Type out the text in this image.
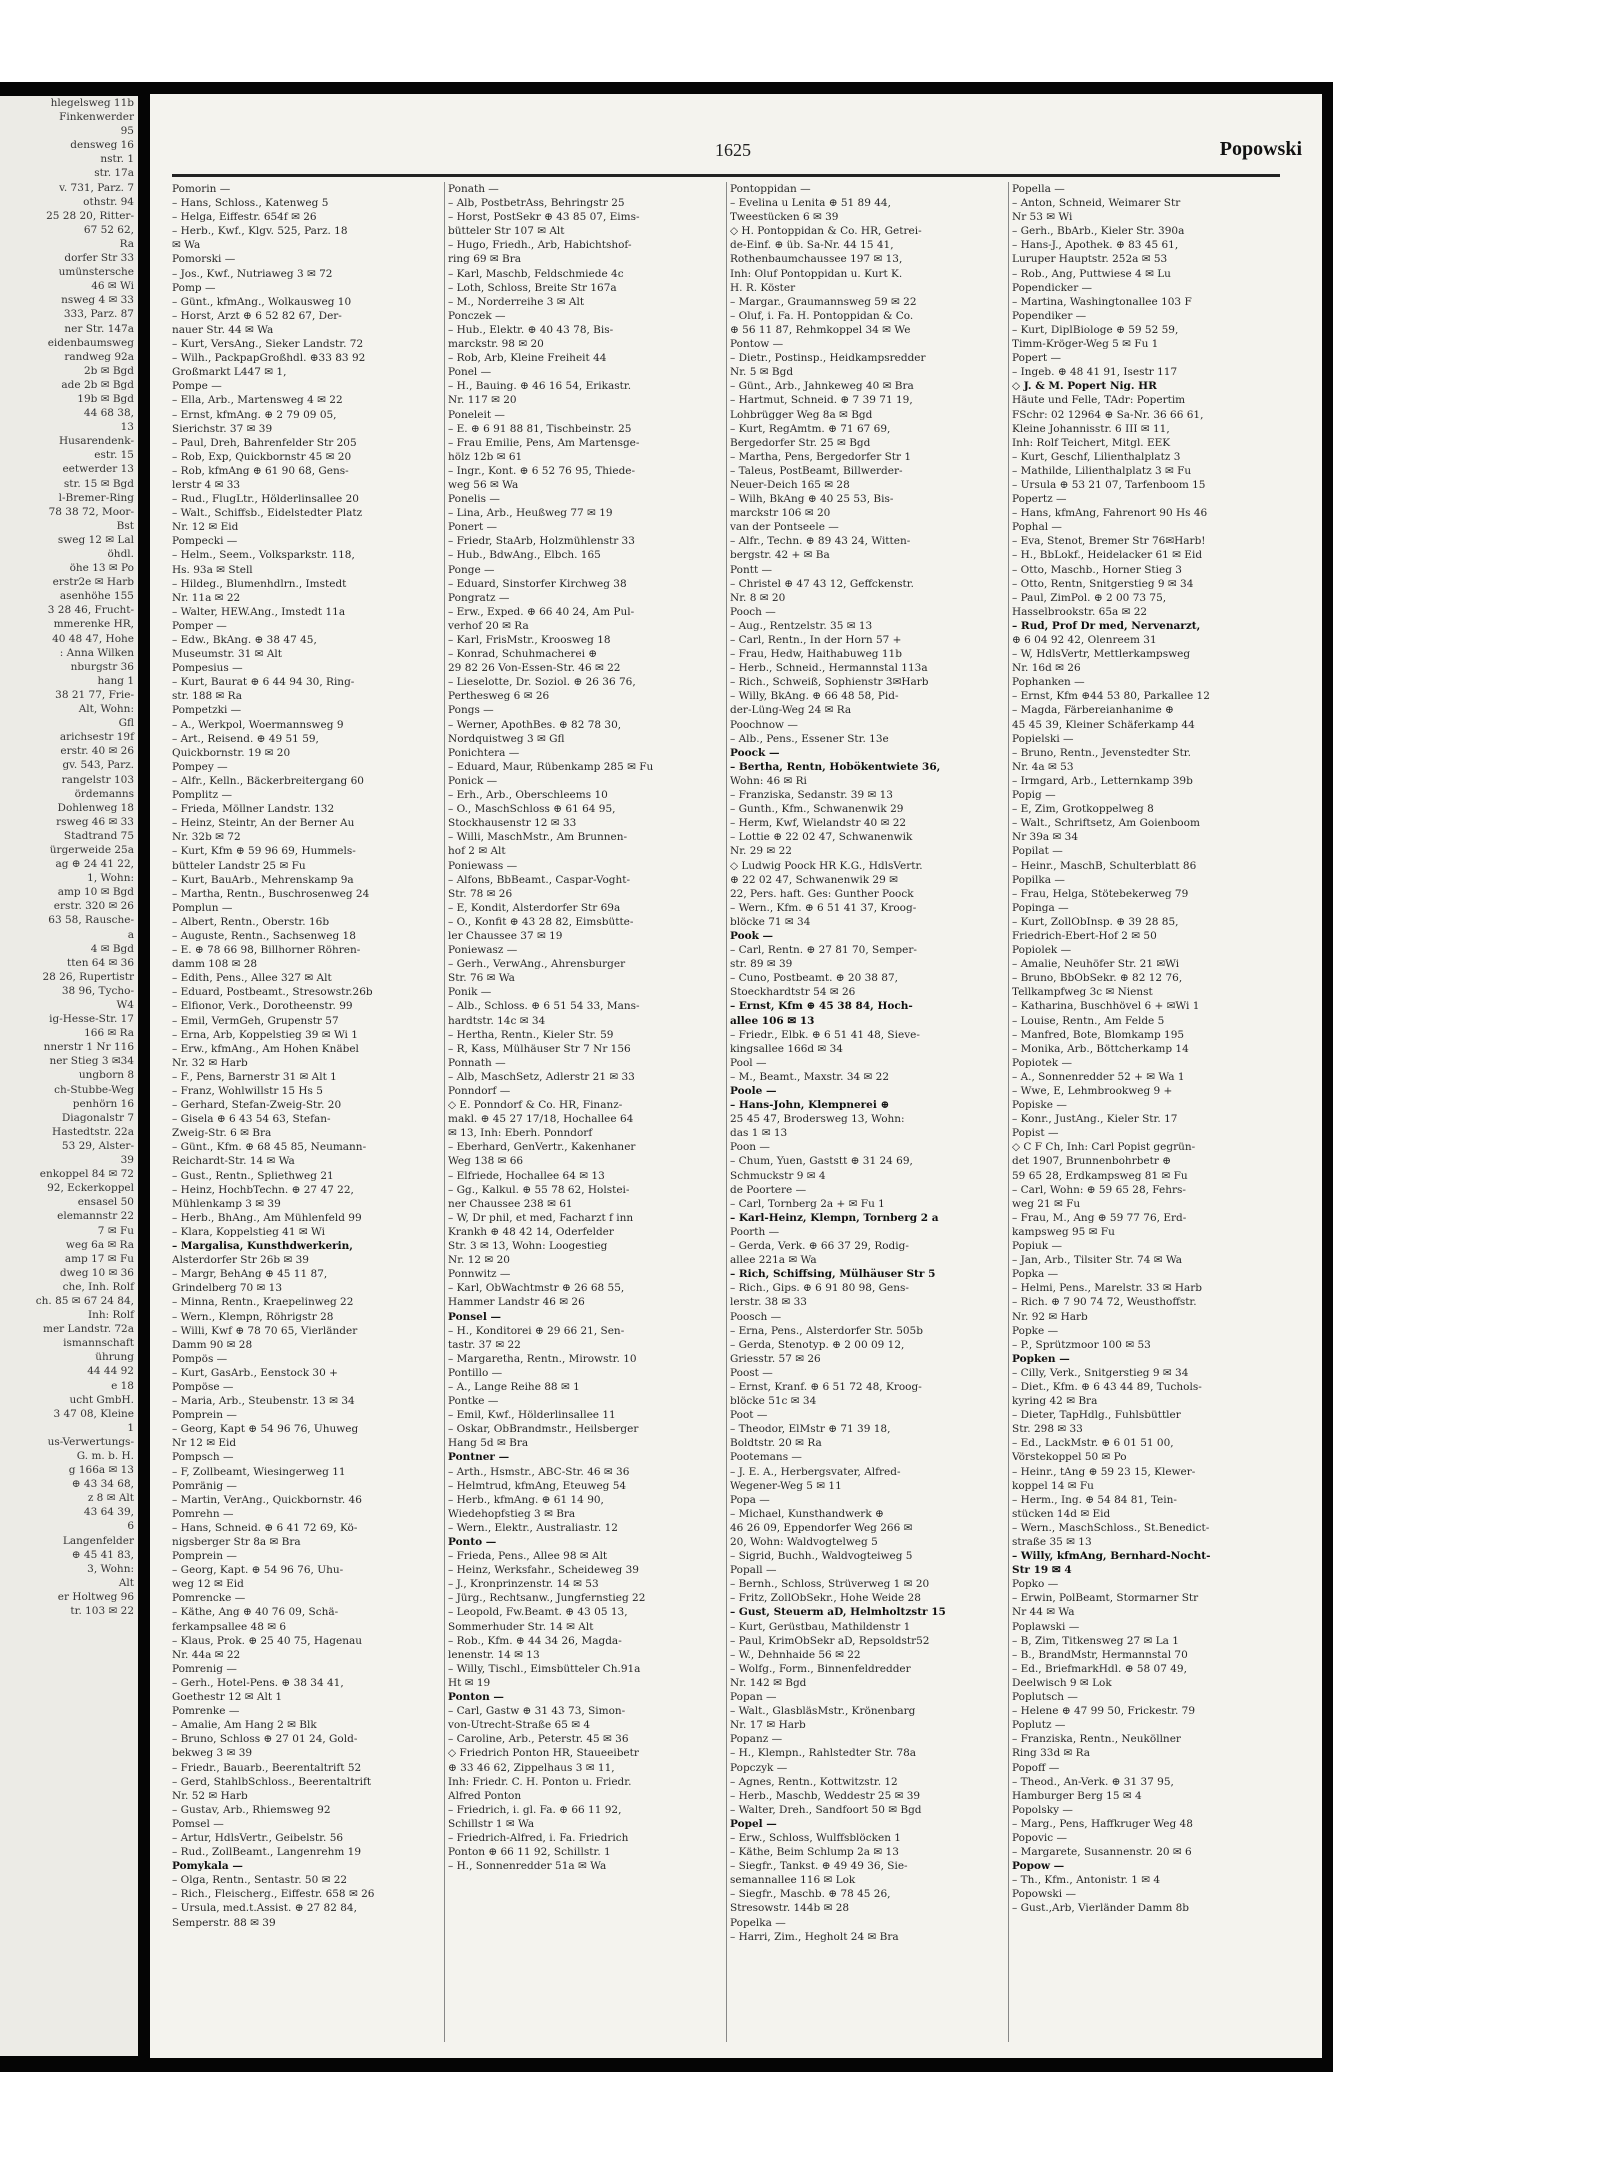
hlegelsweg 11b
Finkenwerder
95
densweg 16
nstr. 1
str. 17a
v. 731, Parz. 7
othstr. 94
25 28 20, Ritter-
67 52 62,
Ra
dorfer Str 33
umünstersche
46 ✉ Wi
nsweg 4 ✉ 33
333, Parz. 87
ner Str. 147a
eidenbaumsweg
randweg 92a
2b ✉ Bgd
ade 2b ✉ Bgd
19b ✉ Bgd
44 68 38,
13
Husarendenk-
estr. 15
eetwerder 13
str. 15 ✉ Bgd
l-Bremer-Ring
78 38 72, Moor-
Bst
sweg 12 ✉ Lal
öhdl.
öhe 13 ✉ Po
erstr2e ✉ Harb
asenhöhe 155
3 28 46, Frucht-
mmerenke HR,
40 48 47, Hohe
: Anna Wilken
nburgstr 36
hang 1
38 21 77, Frie-
Alt, Wohn:
Gfl
arichsestr 19f
erstr. 40 ✉ 26
gv. 543, Parz.
rangelstr 103
ördemanns
Dohlenweg 18
rsweg 46 ✉ 33
Stadtrand 75
ürgerweide 25a
ag ⊕ 24 41 22,
1, Wohn:
amp 10 ✉ Bgd
erstr. 320 ✉ 26
63 58, Rausche-
a
4 ✉ Bgd
tten 64 ✉ 36
28 26, Rupertistr
38 96, Tycho-
W4
ig-Hesse-Str. 17
166 ✉ Ra
nnerstr 1 Nr 116
ner Stieg 3 ✉34
ungborn 8
ch-Stubbe-Weg
penhörn 16
Diagonalstr 7
Hastedtstr. 22a
53 29, Alster-
39
enkoppel 84 ✉ 72
92, Eckerkoppel
ensasel 50
elemannstr 22
7 ✉ Fu
weg 6a ✉ Ra
amp 17 ✉ Fu
dweg 10 ✉ 36
che, Inh. Rolf
ch. 85 ✉ 67 24 84,
Inh: Rolf
mer Landstr. 72a
ismannschaft
ührung
44 44 92
e 18
ucht GmbH.
3 47 08, Kleine
1
us-Verwertungs-
G. m. b. H.
g 166a ✉ 13
⊕ 43 34 68,
z 8 ✉ Alt
43 64 39,
6
Langenfelder
⊕ 45 41 83,
3, Wohn:
Alt
er Holtweg 96
tr. 103 ✉ 22
1625	Popowski
Pomorin —
– Hans, Schloss., Katenweg 5
– Helga, Eiffestr. 654f ✉ 26
– Herb., Kwf., Klgv. 525, Parz. 18
✉ Wa
Pomorski —
– Jos., Kwf., Nutriaweg 3 ✉ 72
Pomp —
– Günt., kfmAng., Wolkausweg 10
– Horst, Arzt ⊕ 6 52 82 67, Der-
nauer Str. 44 ✉ Wa
– Kurt, VersAng., Sieker Landstr. 72
– Wilh., PackpapGroßhdl. ⊕33 83 92
Großmarkt L447 ✉ 1,
Pompe —
– Ella, Arb., Martensweg 4 ✉ 22
– Ernst, kfmAng. ⊕ 2 79 09 05,
Sierichstr. 37 ✉ 39
– Paul, Dreh, Bahrenfelder Str 205
– Rob, Exp, Quickbornstr 45 ✉ 20
– Rob, kfmAng ⊕ 61 90 68, Gens-
lerstr 4 ✉ 33
– Rud., FlugLtr., Hölderlinsallee 20
– Walt., Schiffsb., Eidelstedter Platz
Nr. 12 ✉ Eid
Pompecki —
– Helm., Seem., Volksparkstr. 118,
Hs. 93a ✉ Stell
– Hildeg., Blumenhdlrn., Imstedt
Nr. 11a ✉ 22
– Walter, HEW.Ang., Imstedt 11a
Pomper —
– Edw., BkAng. ⊕ 38 47 45,
Museumstr. 31 ✉ Alt
Pompesius —
– Kurt, Baurat ⊕ 6 44 94 30, Ring-
str. 188 ✉ Ra
Pompetzki —
– A., Werkpol, Woermannsweg 9
– Art., Reisend. ⊕ 49 51 59,
Quickbornstr. 19 ✉ 20
Pompey —
– Alfr., Kelln., Bäckerbreitergang 60
Pomplitz —
– Frieda, Möllner Landstr. 132
– Heinz, Steintr, An der Berner Au
Nr. 32b ✉ 72
– Kurt, Kfm ⊕ 59 96 69, Hummels-
bütteler Landstr 25 ✉ Fu
– Kurt, BauArb., Mehrenskamp 9a
– Martha, Rentn., Buschrosenweg 24
Pomplun —
– Albert, Rentn., Oberstr. 16b
– Auguste, Rentn., Sachsenweg 18
– E. ⊕ 78 66 98, Billhorner Röhren-
damm 108 ✉ 28
– Edith, Pens., Allee 327 ✉ Alt
– Eduard, Postbeamt., Stresowstr.26b
– Elfionor, Verk., Dorotheenstr. 99
– Emil, VermGeh, Grupenstr 57
– Erna, Arb, Koppelstieg 39 ✉ Wi 1
– Erw., kfmAng., Am Hohen Knäbel
Nr. 32 ✉ Harb
– F., Pens, Barnerstr 31 ✉ Alt 1
– Franz, Wohlwillstr 15 Hs 5
– Gerhard, Stefan-Zweig-Str. 20
– Gisela ⊕ 6 43 54 63, Stefan-
Zweig-Str. 6 ✉ Bra
– Günt., Kfm. ⊕ 68 45 85, Neumann-
Reichardt-Str. 14 ✉ Wa
– Gust., Rentn., Spliethweg 21
– Heinz, HochbTechn. ⊕ 27 47 22,
Mühlenkamp 3 ✉ 39
– Herb., BhAng., Am Mühlenfeld 99
– Klara, Koppelstieg 41 ✉ Wi
– Margalisa, Kunsthdwerkerin,
Alsterdorfer Str 26b ✉ 39
– Margr, BehAng ⊕ 45 11 87,
Grindelberg 70 ✉ 13
– Minna, Rentn., Kraepelinweg 22
– Wern., Klempn, Röhrigstr 28
– Willi, Kwf ⊕ 78 70 65, Vierländer
Damm 90 ✉ 28
Pompös —
– Kurt, GasArb., Eenstock 30 +
Pompöse —
– Maria, Arb., Steubenstr. 13 ✉ 34
Pomprein —
– Georg, Kapt ⊕ 54 96 76, Uhuweg
Nr 12 ✉ Eid
Pompsch —
– F, Zollbeamt, Wiesingerweg 11
Pomränig —
– Martin, VerAng., Quickbornstr. 46
Pomrehn —
– Hans, Schneid. ⊕ 6 41 72 69, Kö-
nigsberger Str 8a ✉ Bra
Pomprein —
– Georg, Kapt. ⊕ 54 96 76, Uhu-
weg 12 ✉ Eid
Pomrencke —
– Käthe, Ang ⊕ 40 76 09, Schä-
ferkampsallee 48 ✉ 6
– Klaus, Prok. ⊕ 25 40 75, Hagenau
Nr. 44a ✉ 22
Pomrenig —
– Gerh., Hotel-Pens. ⊕ 38 34 41,
Goethestr 12 ✉ Alt 1
Pomrenke —
– Amalie, Am Hang 2 ✉ Blk
– Bruno, Schloss ⊕ 27 01 24, Gold-
bekweg 3 ✉ 39
– Friedr., Bauarb., Beerentaltrift 52
– Gerd, StahlbSchloss., Beerentaltrift
Nr. 52 ✉ Harb
– Gustav, Arb., Rhiemsweg 92
Pomsel —
– Artur, HdlsVertr., Geibelstr. 56
– Rud., ZollBeamt., Langenrehm 19
Pomykala —
– Olga, Rentn., Sentastr. 50 ✉ 22
– Rich., Fleischerg., Eiffestr. 658 ✉ 26
– Ursula, med.t.Assist. ⊕ 27 82 84,
Semperstr. 88 ✉ 39
Ponath —
– Alb, PostbetrAss, Behringstr 25
– Horst, PostSekr ⊕ 43 85 07, Eims-
bütteler Str 107 ✉ Alt
– Hugo, Friedh., Arb, Habichtshof-
ring 69 ✉ Bra
– Karl, Maschb, Feldschmiede 4c
– Loth, Schloss, Breite Str 167a
– M., Norderreihe 3 ✉ Alt
Ponczek —
– Hub., Elektr. ⊕ 40 43 78, Bis-
marckstr. 98 ✉ 20
– Rob, Arb, Kleine Freiheit 44
Ponel —
– H., Bauing. ⊕ 46 16 54, Erikastr.
Nr. 117 ✉ 20
Poneleit —
– E. ⊕ 6 91 88 81, Tischbeinstr. 25
– Frau Emilie, Pens, Am Martensge-
hölz 12b ✉ 61
– Ingr., Kont. ⊕ 6 52 76 95, Thiede-
weg 56 ✉ Wa
Ponelis —
– Lina, Arb., Heußweg 77 ✉ 19
Ponert —
– Friedr, StaArb, Holzmühlenstr 33
– Hub., BdwAng., Elbch. 165
Ponge —
– Eduard, Sinstorfer Kirchweg 38
Pongratz —
– Erw., Exped. ⊕ 66 40 24, Am Pul-
verhof 20 ✉ Ra
– Karl, FrisMstr., Kroosweg 18
– Konrad, Schuhmacherei ⊕
29 82 26 Von-Essen-Str. 46 ✉ 22
– Lieselotte, Dr. Soziol. ⊕ 26 36 76,
Perthesweg 6 ✉ 26
Pongs —
– Werner, ApothBes. ⊕ 82 78 30,
Nordquistweg 3 ✉ Gfl
Ponichtera —
– Eduard, Maur, Rübenkamp 285 ✉ Fu
Ponick —
– Erh., Arb., Oberschleems 10
– O., MaschSchloss ⊕ 61 64 95,
Stockhausenstr 12 ✉ 33
– Willi, MaschMstr., Am Brunnen-
hof 2 ✉ Alt
Poniewass —
– Alfons, BbBeamt., Caspar-Voght-
Str. 78 ✉ 26
– E, Kondit, Alsterdorfer Str 69a
– O., Konfit ⊕ 43 28 82, Eimsbütte-
ler Chaussee 37 ✉ 19
Poniewasz —
– Gerh., VerwAng., Ahrensburger
Str. 76 ✉ Wa
Ponik —
– Alb., Schloss. ⊕ 6 51 54 33, Mans-
hardtstr. 14c ✉ 34
– Hertha, Rentn., Kieler Str. 59
– R, Kass, Mülhäuser Str 7 Nr 156
Ponnath —
– Alb, MaschSetz, Adlerstr 21 ✉ 33
Ponndorf —
◇ E. Ponndorf & Co. HR, Finanz-
makl. ⊕ 45 27 17/18, Hochallee 64
✉ 13, Inh: Eberh. Ponndorf
– Eberhard, GenVertr., Kakenhaner
Weg 138 ✉ 66
– Elfriede, Hochallee 64 ✉ 13
– Gg., Kalkul. ⊕ 55 78 62, Holstei-
ner Chaussee 238 ✉ 61
– W, Dr phil, et med, Facharzt f inn
Krankh ⊕ 48 42 14, Oderfelder
Str. 3 ✉ 13, Wohn: Loogestieg
Nr. 12 ✉ 20
Ponnwitz —
– Karl, ObWachtmstr ⊕ 26 68 55,
Hammer Landstr 46 ✉ 26
Ponsel —
– H., Konditorei ⊕ 29 66 21, Sen-
tastr. 37 ✉ 22
– Margaretha, Rentn., Mirowstr. 10
Pontillo —
– A., Lange Reihe 88 ✉ 1
Pontke —
– Emil, Kwf., Hölderlinsallee 11
– Oskar, ObBrandmstr., Heilsberger
Hang 5d ✉ Bra
Pontner —
– Arth., Hsmstr., ABC-Str. 46 ✉ 36
– Helmtrud, kfmAng, Eteuweg 54
– Herb., kfmAng. ⊕ 61 14 90,
Wiedehopfstieg 3 ✉ Bra
– Wern., Elektr., Australiastr. 12
Ponto —
– Frieda, Pens., Allee 98 ✉ Alt
– Heinz, Werksfahr., Scheideweg 39
– J., Kronprinzenstr. 14 ✉ 53
– Jürg., Rechtsanw., Jungfernstieg 22
– Leopold, Fw.Beamt. ⊕ 43 05 13,
Sommerhuder Str. 14 ✉ Alt
– Rob., Kfm. ⊕ 44 34 26, Magda-
lenenstr. 14 ✉ 13
– Willy, Tischl., Eimsbütteler Ch.91a
Ht ✉ 19
Ponton —
– Carl, Gastw ⊕ 31 43 73, Simon-
von-Utrecht-Straße 65 ✉ 4
– Caroline, Arb., Peterstr. 45 ✉ 36
◇ Friedrich Ponton HR, Staueeibetr
⊕ 33 46 62, Zippelhaus 3 ✉ 11,
Inh: Friedr. C. H. Ponton u. Friedr.
Alfred Ponton
– Friedrich, i. gl. Fa. ⊕ 66 11 92,
Schillstr 1 ✉ Wa
– Friedrich-Alfred, i. Fa. Friedrich
Ponton ⊕ 66 11 92, Schillstr. 1
– H., Sonnenredder 51a ✉ Wa
Pontoppidan —
– Evelina u Lenita ⊕ 51 89 44,
Tweestücken 6 ✉ 39
◇ H. Pontoppidan & Co. HR, Getrei-
de-Einf. ⊕ üb. Sa-Nr. 44 15 41,
Rothenbaumchaussee 197 ✉ 13,
Inh: Oluf Pontoppidan u. Kurt K.
H. R. Köster
– Margar., Graumannsweg 59 ✉ 22
– Oluf, i. Fa. H. Pontoppidan & Co.
⊕ 56 11 87, Rehmkoppel 34 ✉ We
Pontow —
– Dietr., Postinsp., Heidkampsredder
Nr. 5 ✉ Bgd
– Günt., Arb., Jahnkeweg 40 ✉ Bra
– Hartmut, Schneid. ⊕ 7 39 71 19,
Lohbrügger Weg 8a ✉ Bgd
– Kurt, RegAmtm. ⊕ 71 67 69,
Bergedorfer Str. 25 ✉ Bgd
– Martha, Pens, Bergedorfer Str 1
– Taleus, PostBeamt, Billwerder-
Neuer-Deich 165 ✉ 28
– Wilh, BkAng ⊕ 40 25 53, Bis-
marckstr 106 ✉ 20
van der Pontseele —
– Alfr., Techn. ⊕ 89 43 24, Witten-
bergstr. 42 + ✉ Ba
Pontt —
– Christel ⊕ 47 43 12, Geffckenstr.
Nr. 8 ✉ 20
Pooch —
– Aug., Rentzelstr. 35 ✉ 13
– Carl, Rentn., In der Horn 57 +
– Frau, Hedw, Haithabuweg 11b
– Herb., Schneid., Hermannstal 113a
– Rich., Schweiß, Sophienstr 3✉Harb
– Willy, BkAng. ⊕ 66 48 58, Pid-
der-Lüng-Weg 24 ✉ Ra
Poochnow —
– Alb., Pens., Essener Str. 13e
Poock —
– Bertha, Rentn, Hobökentwiete 36,
Wohn: 46 ✉ Ri
– Franziska, Sedanstr. 39 ✉ 13
– Gunth., Kfm., Schwanenwik 29
– Herm, Kwf, Wielandstr 40 ✉ 22
– Lottie ⊕ 22 02 47, Schwanenwik
Nr. 29 ✉ 22
◇ Ludwig Poock HR K.G., HdlsVertr.
⊕ 22 02 47, Schwanenwik 29 ✉
22, Pers. haft. Ges: Gunther Poock
– Wern., Kfm. ⊕ 6 51 41 37, Kroog-
blöcke 71 ✉ 34
Pook —
– Carl, Rentn. ⊕ 27 81 70, Semper-
str. 89 ✉ 39
– Cuno, Postbeamt. ⊕ 20 38 87,
Stoeckhardtstr 54 ✉ 26
– Ernst, Kfm ⊕ 45 38 84, Hoch-
allee 106 ✉ 13
– Friedr., Elbk. ⊕ 6 51 41 48, Sieve-
kingsallee 166d ✉ 34
Pool —
– M., Beamt., Maxstr. 34 ✉ 22
Poole —
– Hans-John, Klempnerei ⊕
25 45 47, Brodersweg 13, Wohn:
das 1 ✉ 13
Poon —
– Chum, Yuen, Gaststt ⊕ 31 24 69,
Schmuckstr 9 ✉ 4
de Poortere —
– Carl, Tornberg 2a + ✉ Fu 1
– Karl-Heinz, Klempn, Tornberg 2 a
Poorth —
– Gerda, Verk. ⊕ 66 37 29, Rodig-
allee 221a ✉ Wa
– Rich, Schiffsing, Mülhäuser Str 5
– Rich., Gips. ⊕ 6 91 80 98, Gens-
lerstr. 38 ✉ 33
Poosch —
– Erna, Pens., Alsterdorfer Str. 505b
– Gerda, Stenotyp. ⊕ 2 00 09 12,
Griesstr. 57 ✉ 26
Poost —
– Ernst, Kranf. ⊕ 6 51 72 48, Kroog-
blöcke 51c ✉ 34
Poot —
– Theodor, ElMstr ⊕ 71 39 18,
Boldtstr. 20 ✉ Ra
Pootemans —
– J. E. A., Herbergsvater, Alfred-
Wegener-Weg 5 ✉ 11
Popa —
– Michael, Kunsthandwerk ⊕
46 26 09, Eppendorfer Weg 266 ✉
20, Wohn: Waldvogtelweg 5
– Sigrid, Buchh., Waldvogteiweg 5
Popall —
– Bernh., Schloss, Strüverweg 1 ✉ 20
– Fritz, ZollObSekr., Hohe Weide 28
– Gust, Steuerm aD, Helmholtzstr 15
– Kurt, Gerüstbau, Mathildenstr 1
– Paul, KrimObSekr aD, Repsoldstr52
– W., Dehnhaide 56 ✉ 22
– Wolfg., Form., Binnenfeldredder
Nr. 142 ✉ Bgd
Popan —
– Walt., GlasbläsMstr., Krönenbarg
Nr. 17 ✉ Harb
Popanz —
– H., Klempn., Rahlstedter Str. 78a
Popczyk —
– Agnes, Rentn., Kottwitzstr. 12
– Herb., Maschb, Weddestr 25 ✉ 39
– Walter, Dreh., Sandfoort 50 ✉ Bgd
Popel —
– Erw., Schloss, Wulffsblöcken 1
– Käthe, Beim Schlump 2a ✉ 13
– Siegfr., Tankst. ⊕ 49 49 36, Sie-
semannallee 116 ✉ Lok
– Siegfr., Maschb. ⊕ 78 45 26,
Stresowstr. 144b ✉ 28
Popelka —
– Harri, Zim., Hegholt 24 ✉ Bra
Popella —
– Anton, Schneid, Weimarer Str
Nr 53 ✉ Wi
– Gerh., BbArb., Kieler Str. 390a
– Hans-J., Apothek. ⊕ 83 45 61,
Luruper Hauptstr. 252a ✉ 53
– Rob., Ang, Puttwiese 4 ✉ Lu
Popendicker —
– Martina, Washingtonallee 103 F
Popendiker —
– Kurt, DiplBiologe ⊕ 59 52 59,
Timm-Kröger-Weg 5 ✉ Fu 1
Popert —
– Ingeb. ⊕ 48 41 91, Isestr 117
◇ J. & M. Popert Nig. HR
Häute und Felle, TAdr: Popertim
FSchr: 02 12964 ⊕ Sa-Nr. 36 66 61,
Kleine Johannisstr. 6 III ✉ 11,
Inh: Rolf Teichert, Mitgl. EEK
– Kurt, Geschf, Lilienthalplatz 3
– Mathilde, Lilienthalplatz 3 ✉ Fu
– Ursula ⊕ 53 21 07, Tarfenboom 15
Popertz —
– Hans, kfmAng, Fahrenort 90 Hs 46
Pophal —
– Eva, Stenot, Bremer Str 76✉Harb!
– H., BbLokf., Heidelacker 61 ✉ Eid
– Otto, Maschb., Horner Stieg 3
– Otto, Rentn, Snitgerstieg 9 ✉ 34
– Paul, ZimPol. ⊕ 2 00 73 75,
Hasselbrookstr. 65a ✉ 22
– Rud, Prof Dr med, Nervenarzt,
⊕ 6 04 92 42, Olenreem 31
– W, HdlsVertr, Mettlerkampsweg
Nr. 16d ✉ 26
Pophanken —
– Ernst, Kfm ⊕44 53 80, Parkallee 12
– Magda, Färbereianhanime ⊕
45 45 39, Kleiner Schäferkamp 44
Popielski —
– Bruno, Rentn., Jevenstedter Str.
Nr. 4a ✉ 53
– Irmgard, Arb., Letternkamp 39b
Popig —
– E, Zim, Grotkoppelweg 8
– Walt., Schriftsetz, Am Goienboom
Nr 39a ✉ 34
Popilat —
– Heinr., MaschB, Schulterblatt 86
Popilka —
– Frau, Helga, Stötebekerweg 79
Popinga —
– Kurt, ZollObInsp. ⊕ 39 28 85,
Friedrich-Ebert-Hof 2 ✉ 50
Popiolek —
– Amalie, Neuhöfer Str. 21 ✉Wi
– Bruno, BbObSekr. ⊕ 82 12 76,
Tellkampfweg 3c ✉ Nienst
– Katharina, Buschhövel 6 + ✉Wi 1
– Louise, Rentn., Am Felde 5
– Manfred, Bote, Blomkamp 195
– Monika, Arb., Böttcherkamp 14
Popiotek —
– A., Sonnenredder 52 + ✉ Wa 1
– Wwe, E, Lehmbrookweg 9 +
Popiske —
– Konr., JustAng., Kieler Str. 17
Popist —
◇ C F Ch, Inh: Carl Popist gegrün-
det 1907, Brunnenbohrbetr ⊕
59 65 28, Erdkampsweg 81 ✉ Fu
– Carl, Wohn: ⊕ 59 65 28, Fehrs-
weg 21 ✉ Fu
– Frau, M., Ang ⊕ 59 77 76, Erd-
kampsweg 95 ✉ Fu
Popiuk —
– Jan, Arb., Tilsiter Str. 74 ✉ Wa
Popka —
– Helmi, Pens., Marelstr. 33 ✉ Harb
– Rich. ⊕ 7 90 74 72, Weusthoffstr.
Nr. 92 ✉ Harb
Popke —
– P., Sprützmoor 100 ✉ 53
Popken —
– Cilly, Verk., Snitgerstieg 9 ✉ 34
– Diet., Kfm. ⊕ 6 43 44 89, Tuchols-
kyring 42 ✉ Bra
– Dieter, TapHdlg., Fuhlsbüttler
Str. 298 ✉ 33
– Ed., LackMstr. ⊕ 6 01 51 00,
Vörstekoppel 50 ✉ Po
– Heinr., tAng ⊕ 59 23 15, Klewer-
koppel 14 ✉ Fu
– Herm., Ing. ⊕ 54 84 81, Tein-
stücken 14d ✉ Eid
– Wern., MaschSchloss., St.Benedict-
straße 35 ✉ 13
– Willy, kfmAng, Bernhard-Nocht-
Str 19 ✉ 4
Popko —
– Erwin, PolBeamt, Stormarner Str
Nr 44 ✉ Wa
Poplawski —
– B, Zim, Titkensweg 27 ✉ La 1
– B., BrandMstr, Hermannstal 70
– Ed., BriefmarkHdl. ⊕ 58 07 49,
Deelwisch 9 ✉ Lok
Poplutsch —
– Helene ⊕ 47 99 50, Frickestr. 79
Poplutz —
– Franziska, Rentn., Neuköllner
Ring 33d ✉ Ra
Popoff —
– Theod., An-Verk. ⊕ 31 37 95,
Hamburger Berg 15 ✉ 4
Popolsky —
– Marg., Pens, Haffkruger Weg 48
Popovic —
– Margarete, Susannenstr. 20 ✉ 6
Popow —
– Th., Kfm., Antonistr. 1 ✉ 4
Popowski —
– Gust.,Arb, Vierländer Damm 8b
